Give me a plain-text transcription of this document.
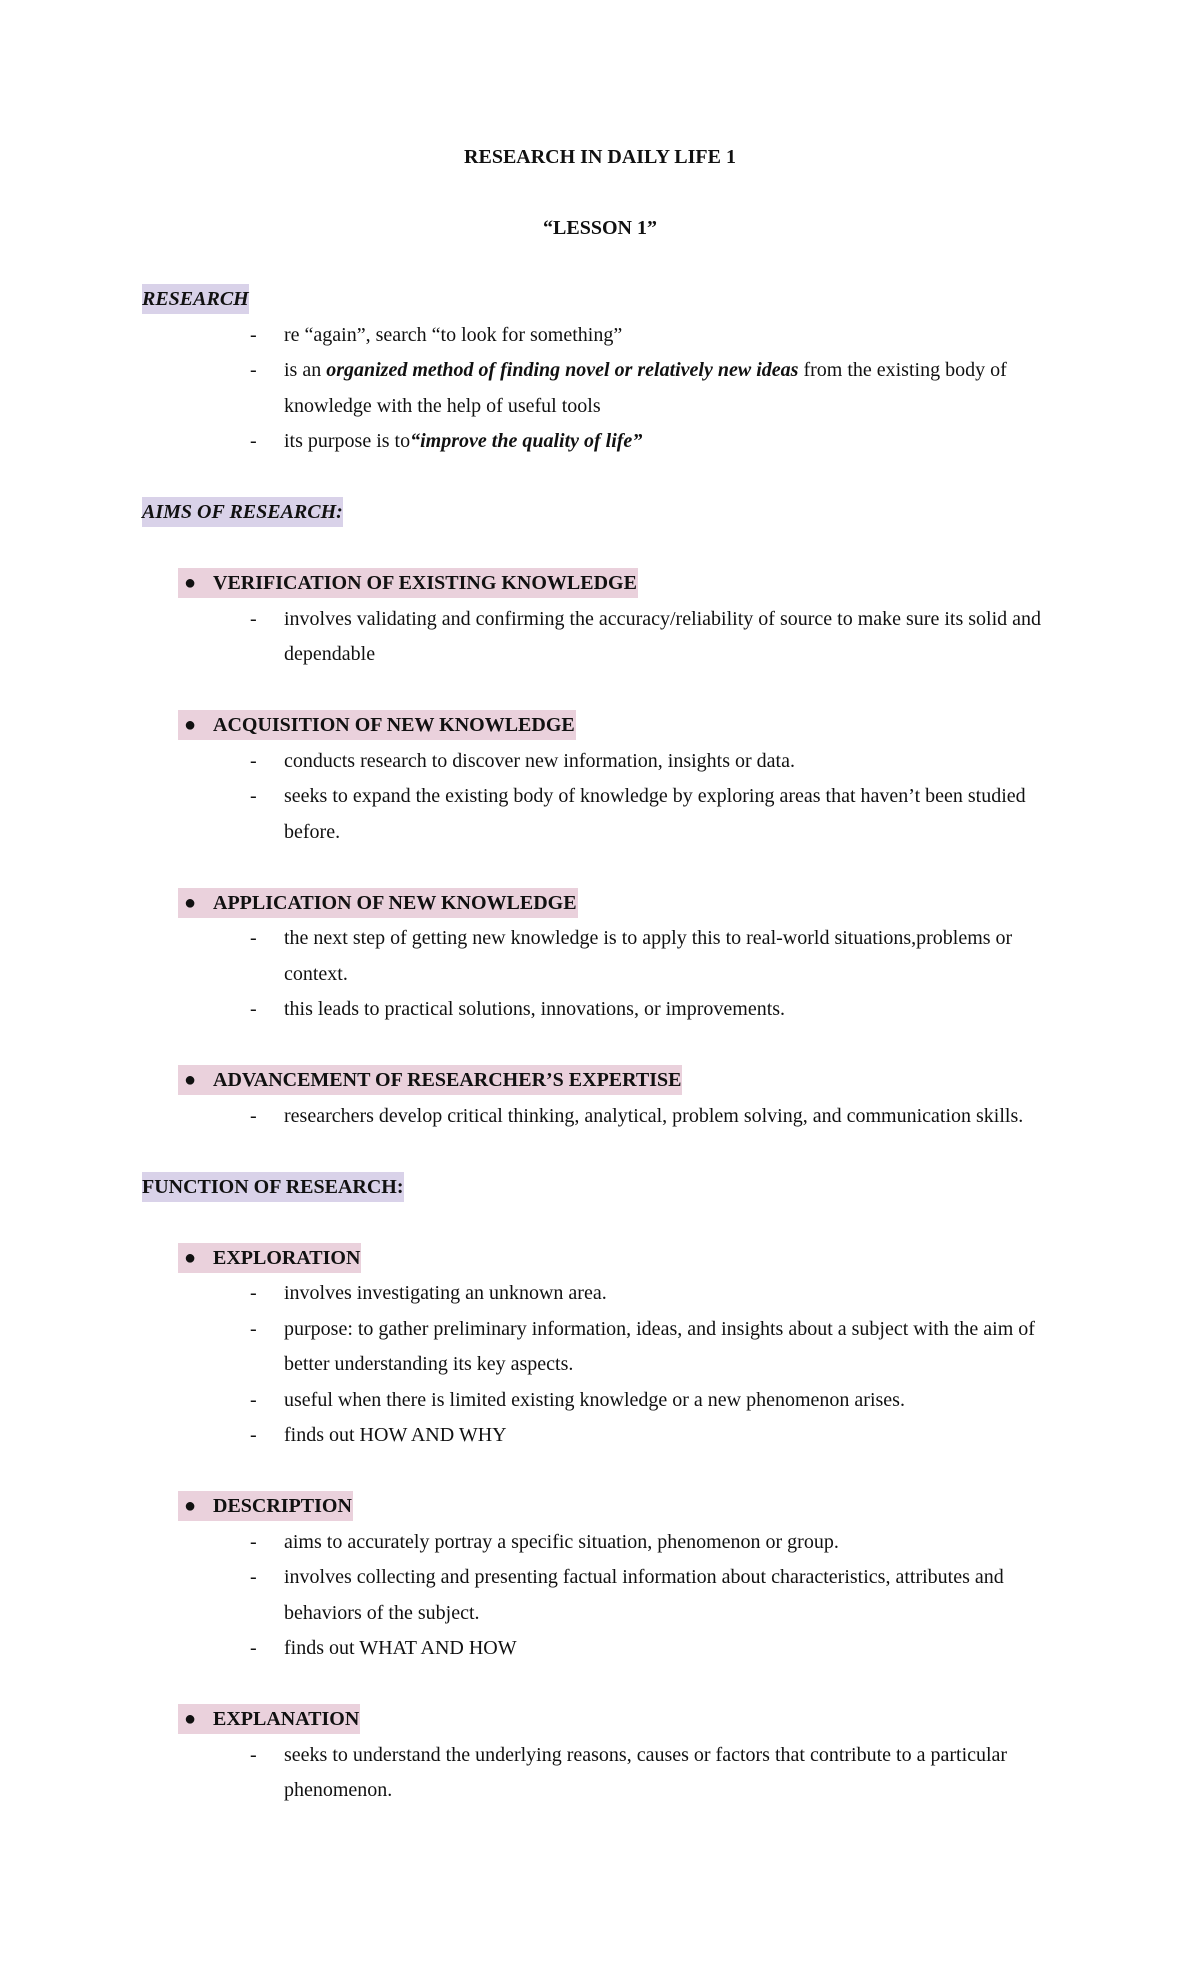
RESEARCH IN DAILY LIFE 1
“LESSON 1”
RESEARCH
- re “again”, search “to look for something”
- is an organized method of finding novel or relatively new ideas from the existing body of knowledge with the help of useful tools
- its purpose is to“improve the quality of life”
AIMS OF RESEARCH:
● VERIFICATION OF EXISTING KNOWLEDGE
- involves validating and confirming the accuracy/reliability of source to make sure its solid and dependable
● ACQUISITION OF NEW KNOWLEDGE
- conducts research to discover new information, insights or data.
- seeks to expand the existing body of knowledge by exploring areas that haven’t been studied before.
● APPLICATION OF NEW KNOWLEDGE
- the next step of getting new knowledge is to apply this to real-world situations,problems or context.
- this leads to practical solutions, innovations, or improvements.
● ADVANCEMENT OF RESEARCHER’S EXPERTISE
- researchers develop critical thinking, analytical, problem solving, and communication skills.
FUNCTION OF RESEARCH:
● EXPLORATION
- involves investigating an unknown area.
- purpose: to gather preliminary information, ideas, and insights about a subject with the aim of better understanding its key aspects.
- useful when there is limited existing knowledge or a new phenomenon arises.
- finds out HOW AND WHY
● DESCRIPTION
- aims to accurately portray a specific situation, phenomenon or group.
- involves collecting and presenting factual information about characteristics, attributes and behaviors of the subject.
- finds out WHAT AND HOW
● EXPLANATION
- seeks to understand the underlying reasons, causes or factors that contribute to a particular phenomenon.
